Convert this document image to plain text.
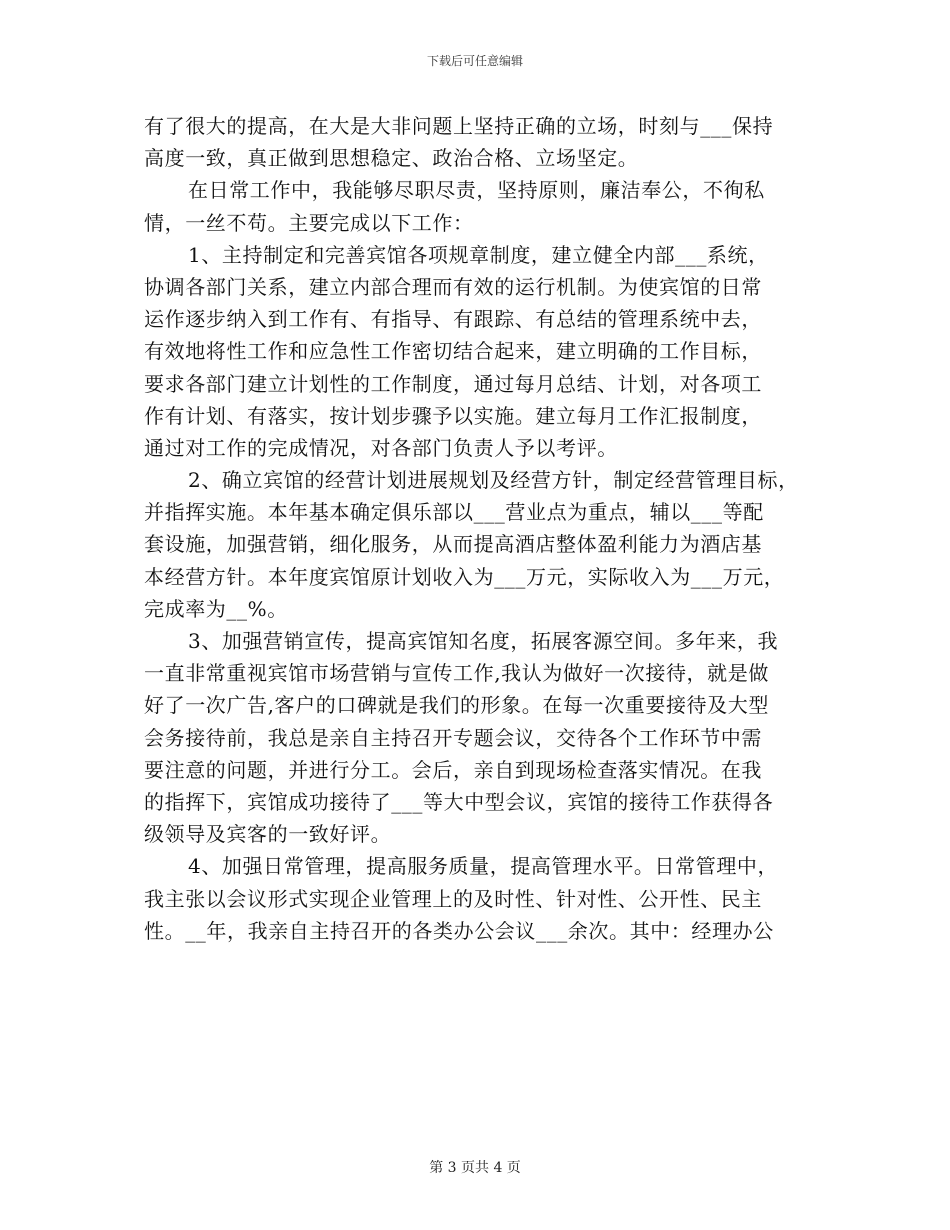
下载后可任意编辑

有了很大的提高，在大是大非问题上坚持正确的立场，时刻与___保持
高度一致，真正做到思想稳定、政治合格、立场坚定。

在日常工作中，我能够尽职尽责，坚持原则，廉洁奉公，不徇私
情，一丝不苟。主要完成以下工作：

1、主持制定和完善宾馆各项规章制度，建立健全内部___系统，
协调各部门关系，建立内部合理而有效的运行机制。为使宾馆的日常
运作逐步纳入到工作有、有指导、有跟踪、有总结的管理系统中去，
有效地将性工作和应急性工作密切结合起来，建立明确的工作目标，
要求各部门建立计划性的工作制度，通过每月总结、计划，对各项工
作有计划、有落实，按计划步骤予以实施。建立每月工作汇报制度，
通过对工作的完成情况，对各部门负责人予以考评。

2、确立宾馆的经营计划进展规划及经营方针，制定经营管理目标，
并指挥实施。本年基本确定俱乐部以___营业点为重点，辅以___等配
套设施，加强营销，细化服务，从而提高酒店整体盈利能力为酒店基
本经营方针。本年度宾馆原计划收入为___万元，实际收入为___万元，
完成率为__%。

3、加强营销宣传，提高宾馆知名度，拓展客源空间。多年来，我
一直非常重视宾馆市场营销与宣传工作,我认为做好一次接待，就是做
好了一次广告,客户的口碑就是我们的形象。在每一次重要接待及大型
会务接待前，我总是亲自主持召开专题会议，交待各个工作环节中需
要注意的问题，并进行分工。会后，亲自到现场检查落实情况。在我
的指挥下，宾馆成功接待了___等大中型会议，宾馆的接待工作获得各
级领导及宾客的一致好评。

4、加强日常管理，提高服务质量，提高管理水平。日常管理中，
我主张以会议形式实现企业管理上的及时性、针对性、公开性、民主
性。__年，我亲自主持召开的各类办公会议___余次。其中：经理办公

第 3 页共 4 页
